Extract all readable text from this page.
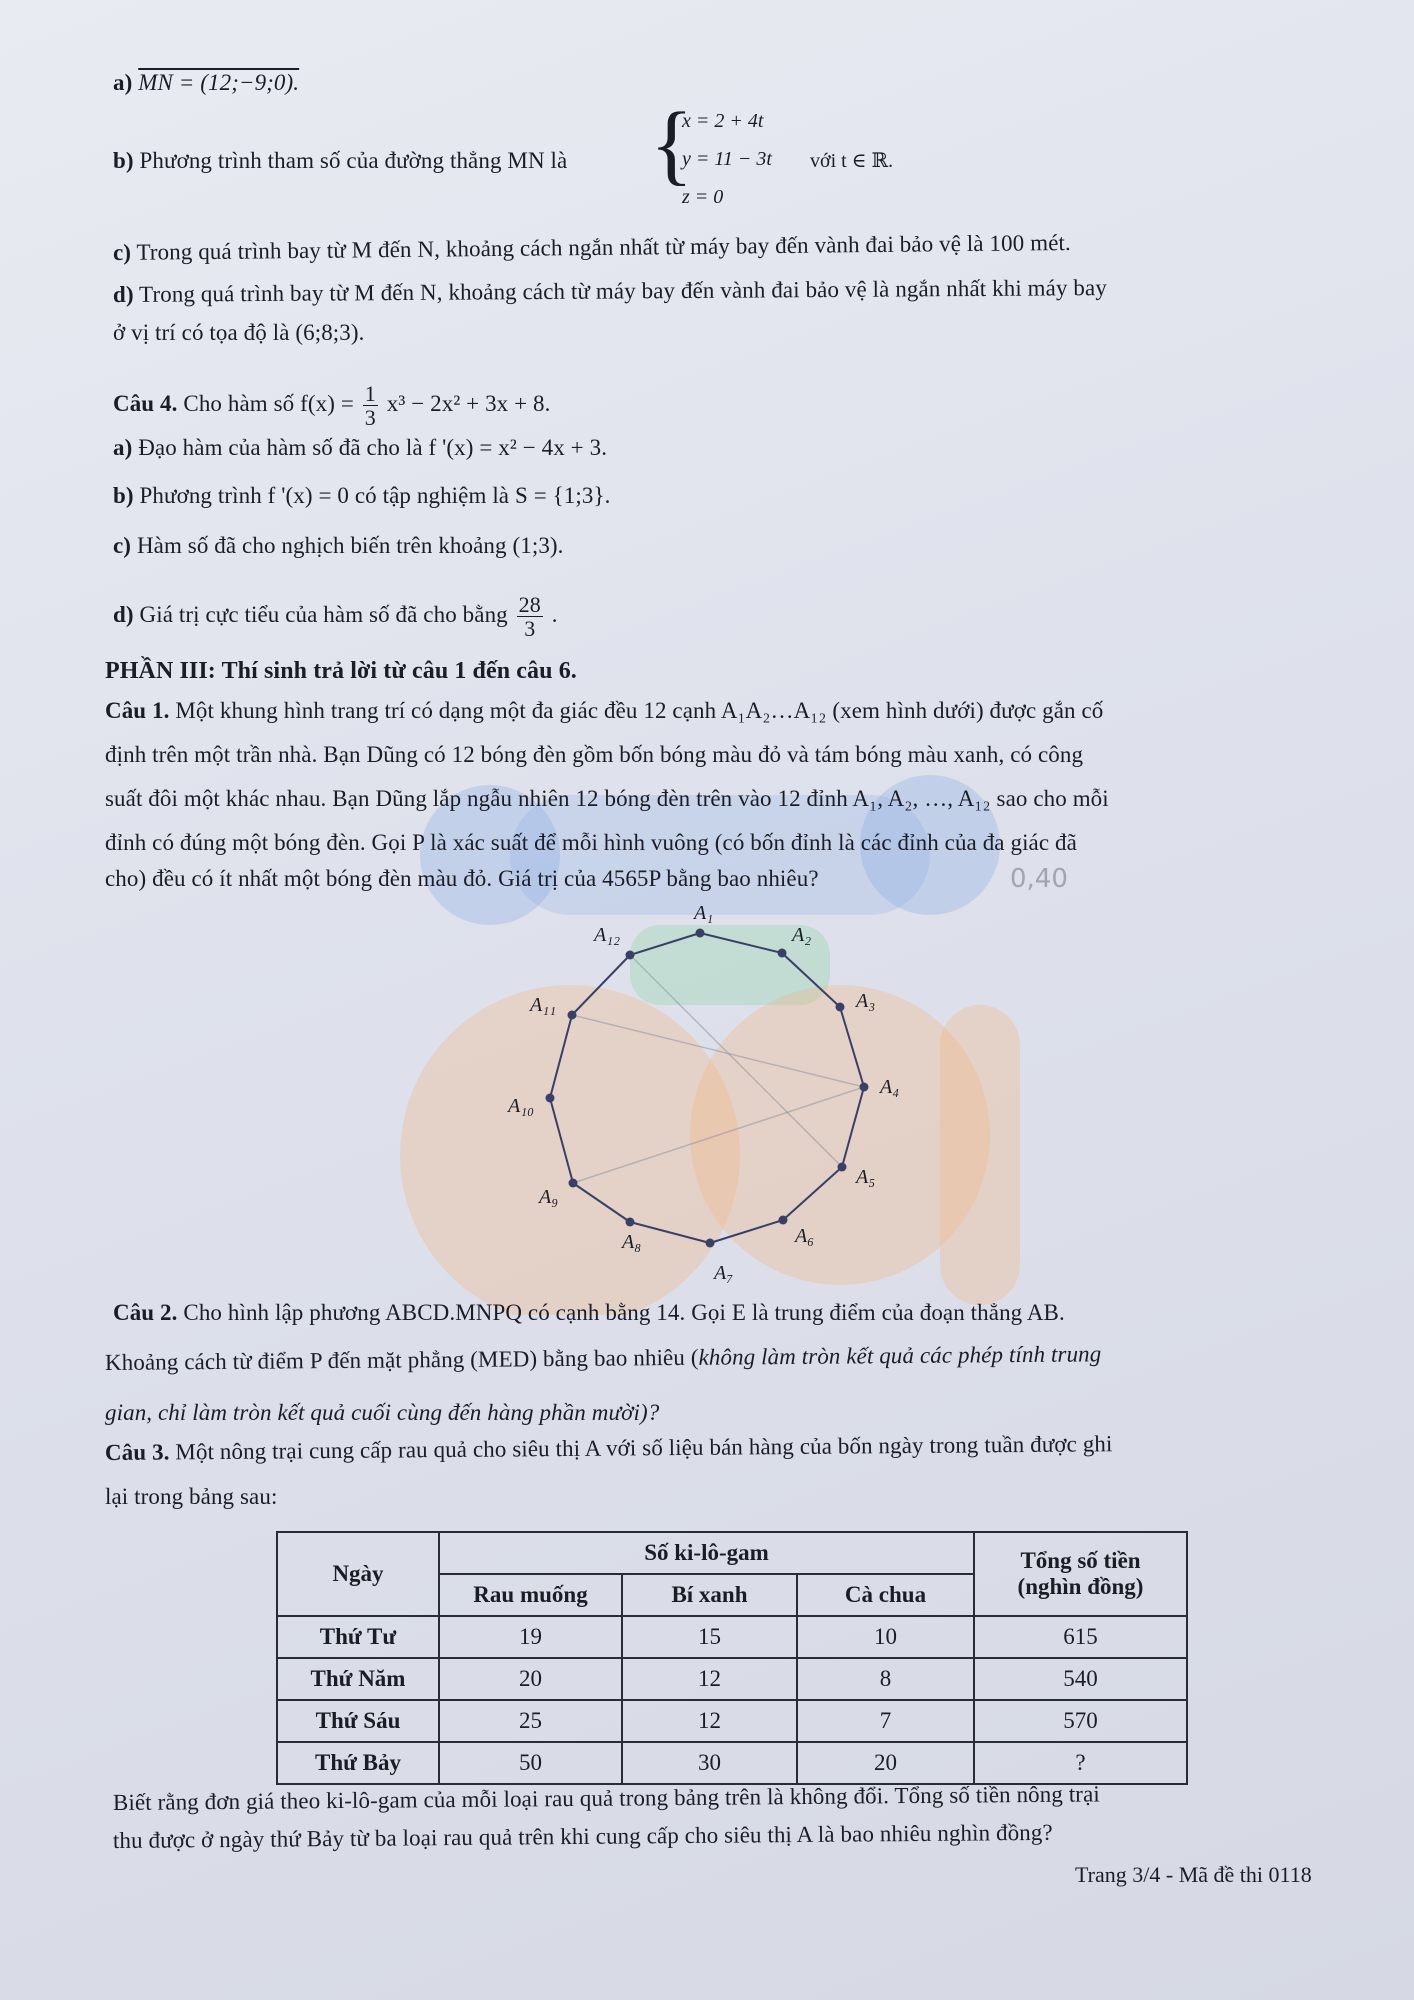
a) MN = (12;−9;0).
b) Phương trình tham số của đường thẳng MN là {
x = 2 + 4t
y = 11 − 3t
z = 0
với t ∈ ℝ.
c) Trong quá trình bay từ M đến N, khoảng cách ngắn nhất từ máy bay đến vành đai bảo vệ là 100 mét.
d) Trong quá trình bay từ M đến N, khoảng cách từ máy bay đến vành đai bảo vệ là ngắn nhất khi máy bay
ở vị trí có tọa độ là (6;8;3).
Câu 4. Cho hàm số $f(x) = \frac{1}{3} x^3 - 2x^2 + 3x + 8$.
a) Đạo hàm của hàm số đã cho là f '(x) = x² − 4x + 3.
b) Phương trình f '(x) = 0 có tập nghiệm là S = {1;3}.
c) Hàm số đã cho nghịch biến trên khoảng (1;3).
d) Giá trị cực tiểu của hàm số đã cho bằng $\frac{28}{3}$ .
PHẦN III: Thí sinh trả lời từ câu 1 đến câu 6.
Câu 1. Một khung hình trang trí có dạng một đa giác đều 12 cạnh A₁A₂…A₁₂ (xem hình dưới) được gắn cố
định trên một trần nhà. Bạn Dũng có 12 bóng đèn gồm bốn bóng màu đỏ và tám bóng màu xanh, có công
suất đôi một khác nhau. Bạn Dũng lắp ngẫu nhiên 12 bóng đèn trên vào 12 đỉnh A₁, A₂, …, A₁₂ sao cho mỗi
đỉnh có đúng một bóng đèn. Gọi P là xác suất để mỗi hình vuông (có bốn đỉnh là các đỉnh của đa giác đã
cho) đều có ít nhất một bóng đèn màu đỏ. Giá trị của 4565P bằng bao nhiêu?	0,40
A₁
A₂
A₃
A₄
A₅
A₆
A₇
A₈
A₉
A₁₀
A₁₁
A₁₂
Câu 2. Cho hình lập phương ABCD.MNPQ có cạnh bằng 14. Gọi E là trung điểm của đoạn thẳng AB.
Khoảng cách từ điểm P đến mặt phẳng (MED) bằng bao nhiêu (không làm tròn kết quả các phép tính trung
gian, chỉ làm tròn kết quả cuối cùng đến hàng phần mười)?
Câu 3. Một nông trại cung cấp rau quả cho siêu thị A với số liệu bán hàng của bốn ngày trong tuần được ghi
lại trong bảng sau:
Ngày	Số ki-lô-gam			Tổng số tiền
(nghìn đồng)

	Rau muống	Bí xanh	Cà chua	
Thứ Tư	19	15	10	615
Thứ Năm	20	12	8	540
Thứ Sáu	25	12	7	570
Thứ Bảy	50	30	20	?
Biết rằng đơn giá theo ki-lô-gam của mỗi loại rau quả trong bảng trên là không đổi. Tổng số tiền nông trại
thu được ở ngày thứ Bảy từ ba loại rau quả trên khi cung cấp cho siêu thị A là bao nhiêu nghìn đồng?
Trang 3/4 - Mã đề thi 0118
